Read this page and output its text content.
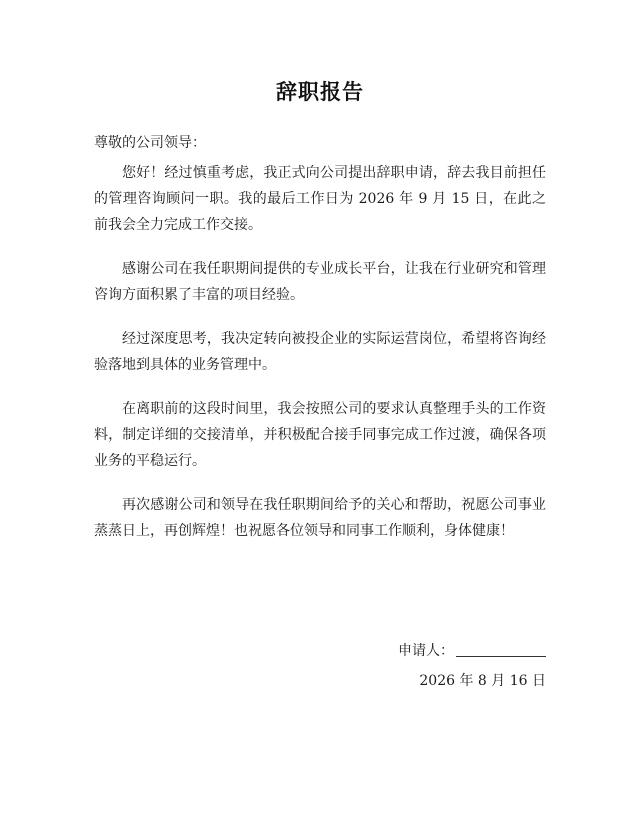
辞职报告
尊敬的公司领导：

您好！经过慎重考虑，我正式向公司提出辞职申请，辞去我目前担任的管理咨询顾问一职。我的最后工作日为 2026 年 9 月 15 日，在此之前我会全力完成工作交接。

感谢公司在我任职期间提供的专业成长平台，让我在行业研究和管理咨询方面积累了丰富的项目经验。

经过深度思考，我决定转向被投企业的实际运营岗位，希望将咨询经验落地到具体的业务管理中。

在离职前的这段时间里，我会按照公司的要求认真整理手头的工作资料，制定详细的交接清单，并积极配合接手同事完成工作过渡，确保各项业务的平稳运行。

再次感谢公司和领导在我任职期间给予的关心和帮助，祝愿公司事业蒸蒸日上，再创辉煌！也祝愿各位领导和同事工作顺利，身体健康！

申请人：
2026 年 8 月 16 日
